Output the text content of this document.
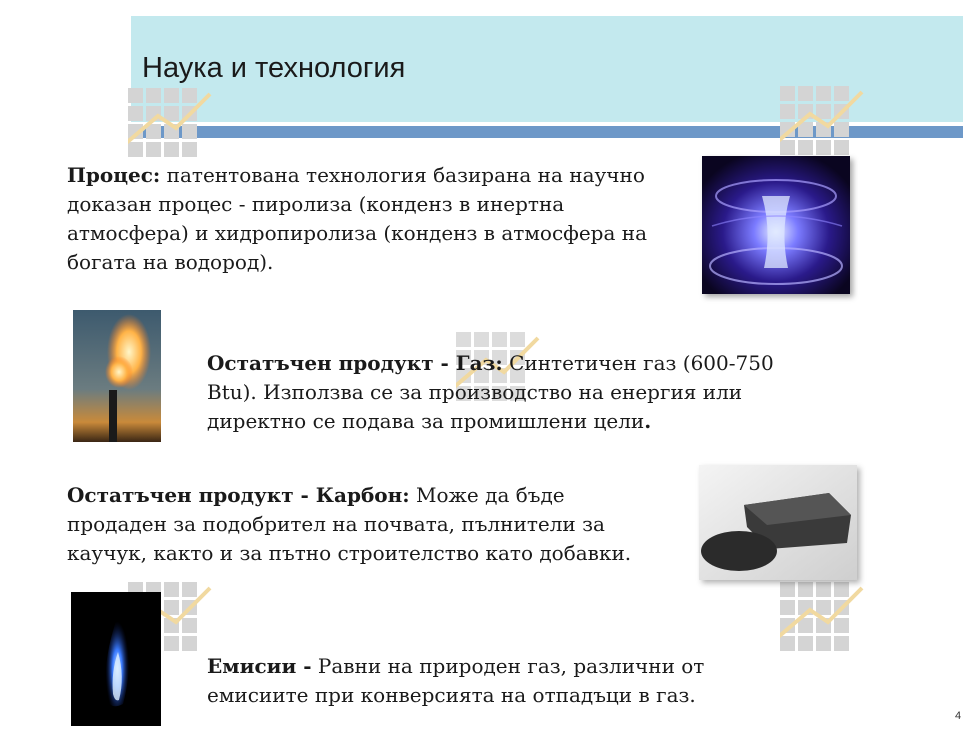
Наука и технология
Процес: патентована технология базирана на научно доказан процес - пиролиза (конденз в инертна атмосфера) и хидропиролиза (конденз в атмосфера на богата на водород).
Остатъчен продукт - Газ: Синтетичен газ (600-750 Btu). Използва се за производство на енергия или директно се подава за промишлени цели.
Остатъчен продукт - Карбон: Може да бъде продаден за подобрител на почвата, пълнители за каучук, както и за пътно строителство като добавки.
Емисии - Равни на природен газ, различни от емисиите при конверсията на отпадъци в газ.
4
